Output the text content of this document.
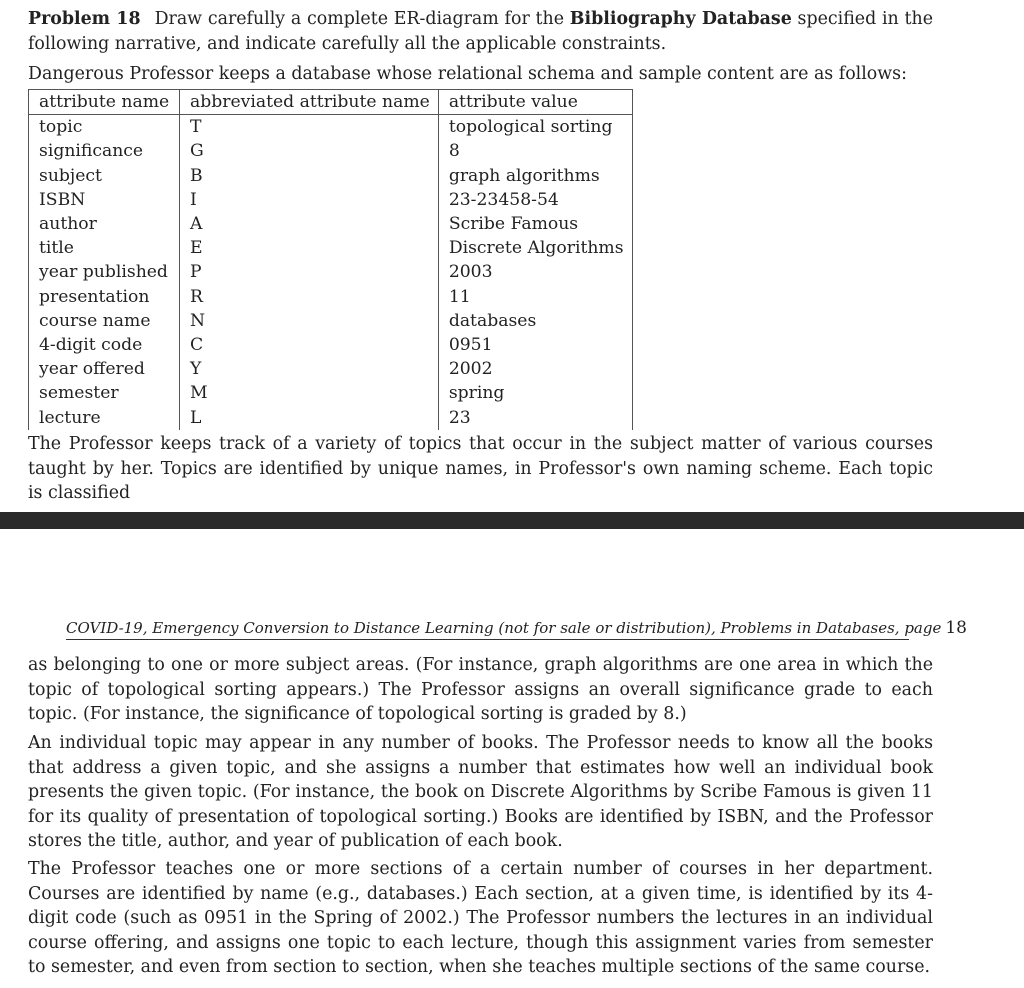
Problem 18 Draw carefully a complete ER-diagram for the Bibliography Database specified in the following narrative, and indicate carefully all the applicable constraints.

Dangerous Professor keeps a database whose relational schema and sample content are as follows:

attribute name	abbreviated attribute name	attribute value
topic	T	topological sorting
significance	G	8
subject	B	graph algorithms
ISBN	I	23-23458-54
author	A	Scribe Famous
title	E	Discrete Algorithms
year published	P	2003
presentation	R	11
course name	N	databases
4-digit code	C	0951
year offered	Y	2002
semester	M	spring
lecture	L	23

The Professor keeps track of a variety of topics that occur in the subject matter of various courses taught by her. Topics are identified by unique names, in Professor's own naming scheme. Each topic is classified

COVID-19, Emergency Conversion to Distance Learning (not for sale or distribution), Problems in Databases, page 18

as belonging to one or more subject areas. (For instance, graph algorithms are one area in which the topic of topological sorting appears.) The Professor assigns an overall significance grade to each topic. (For instance, the significance of topological sorting is graded by 8.)

An individual topic may appear in any number of books. The Professor needs to know all the books that address a given topic, and she assigns a number that estimates how well an individual book presents the given topic. (For instance, the book on Discrete Algorithms by Scribe Famous is given 11 for its quality of presentation of topological sorting.) Books are identified by ISBN, and the Professor stores the title, author, and year of publication of each book.

The Professor teaches one or more sections of a certain number of courses in her department. Courses are identified by name (e.g., databases.) Each section, at a given time, is identified by its 4-digit code (such as 0951 in the Spring of 2002.) The Professor numbers the lectures in an individual course offering, and assigns one topic to each lecture, though this assignment varies from semester to semester, and even from section to section, when she teaches multiple sections of the same course.
